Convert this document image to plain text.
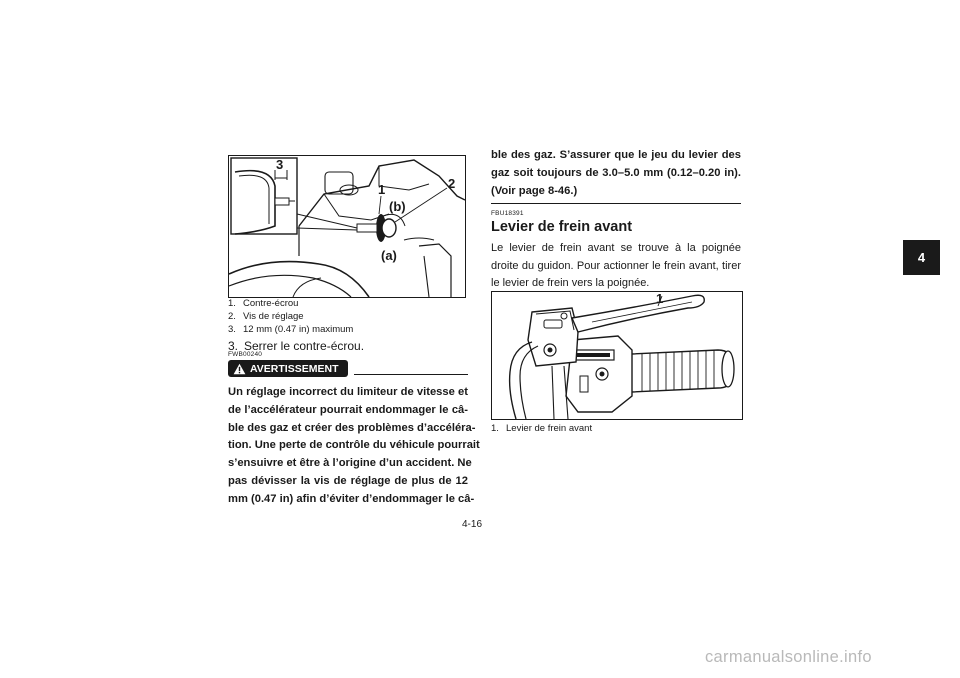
4
3
1	2
(b)
(a)
1. Contre-écrou
2. Vis de réglage
3. 12 mm (0.47 in) maximum
3. Serrer le contre-écrou.
FWB00240
AVERTISSEMENT
Un réglage incorrect du limiteur de vitesse et
de l’accélérateur pourrait endommager le câ-
ble des gaz et créer des problèmes d’accéléra-
tion. Une perte de contrôle du véhicule pourrait
s’ensuivre et être à l’origine d’un accident. Ne
pas dévisser la vis de réglage de plus de 12
mm (0.47 in) afin d’éviter d’endommager le câ-
ble des gaz. S’assurer que le jeu du levier des
gaz soit toujours de 3.0–5.0 mm (0.12–0.20 in).
(Voir page 8-46.)
FBU18391
Levier de frein avant
Le levier de frein avant se trouve à la poignée
droite du guidon. Pour actionner le frein avant, tirer
le levier de frein vers la poignée.
1
1. Levier de frein avant
4-16
carmanualsonline.info
